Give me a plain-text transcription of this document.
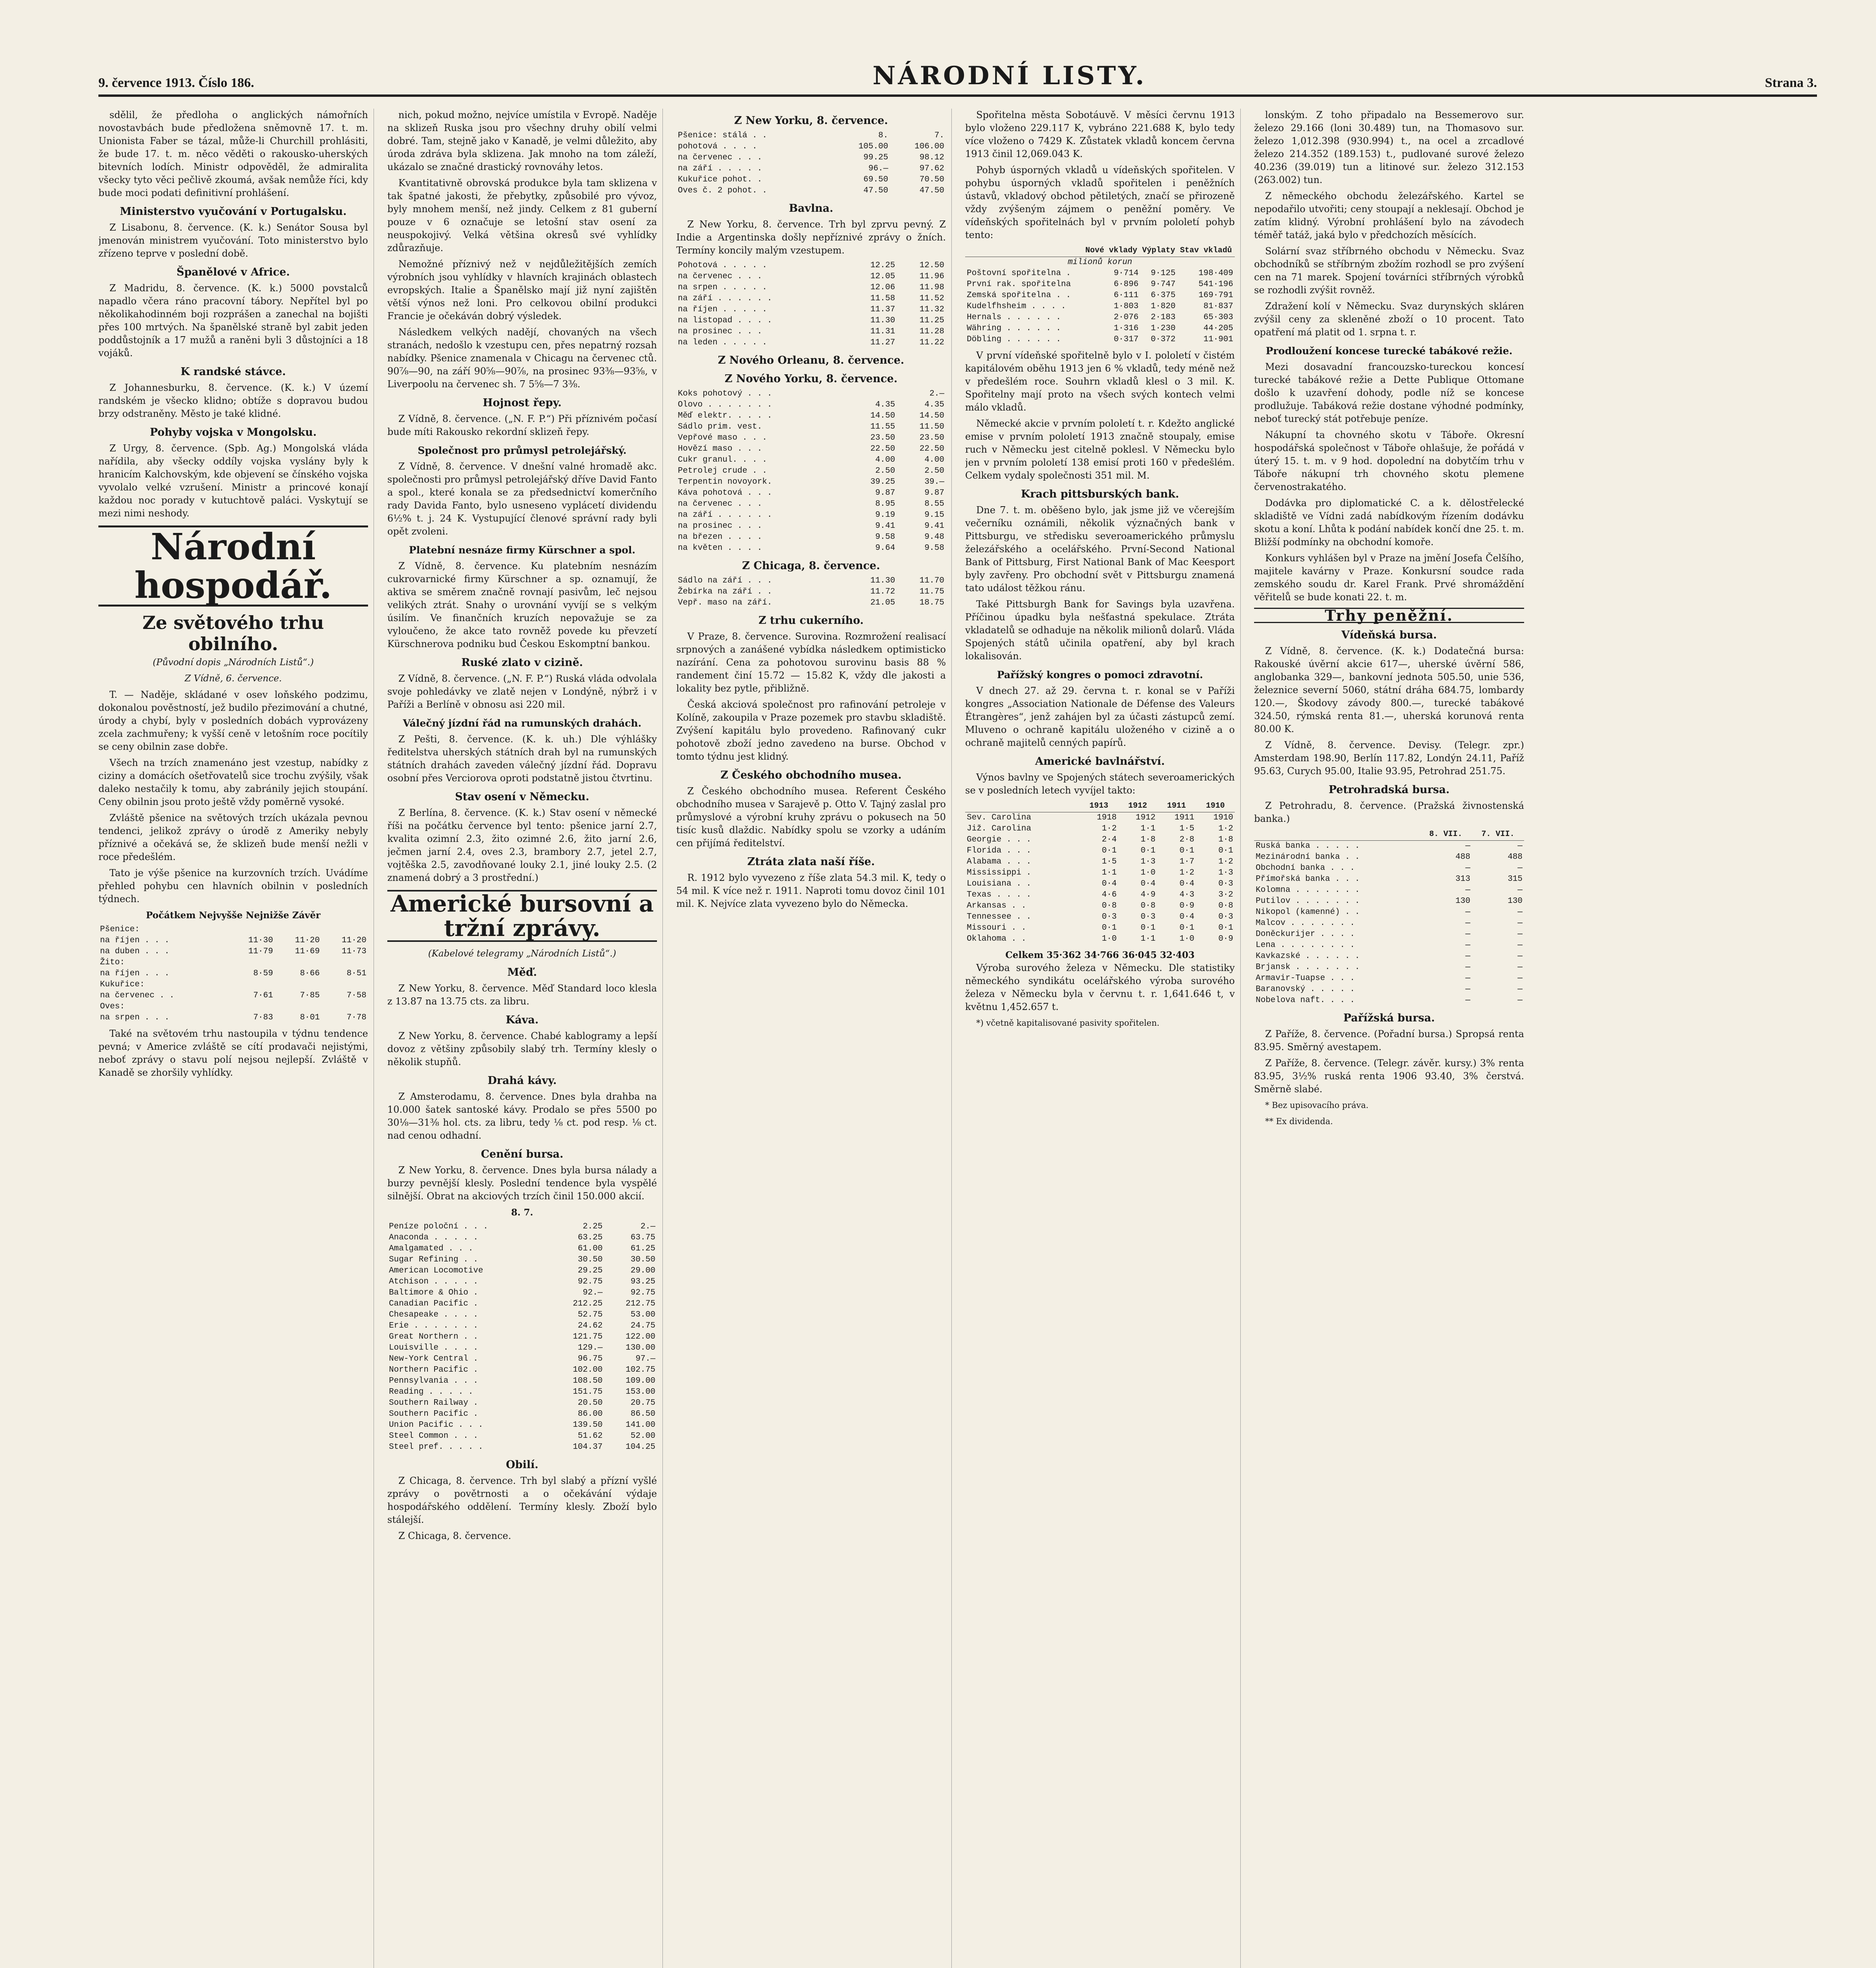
9. července 1913. Číslo 186.	NÁRODNÍ LISTY.	Strana 3.

sdělil, že předloha o anglických námořních novostavbách bude předložena sněmovně 17. t. m. Unionista Faber se tázal, může-li Churchill prohlásiti, že bude 17. t. m. něco věděti o rakousko-uherských bitevních lodích. Ministr odpověděl, že admiralita všecky tyto věci pečlivě zkoumá, avšak nemůže říci, kdy bude moci podati definitivní prohlášení.

Ministerstvo vyučování v Portugalsku.

Z Lisabonu, 8. července. (K. k.) Senátor Sousa byl jmenován ministrem vyučování. Toto ministerstvo bylo zřízeno teprve v poslední době.

Španělové v Africe.

Z Madridu, 8. července. (K. k.) 5000 povstalců napadlo včera ráno pracovní tábory. Nepřítel byl po několikahodinném boji rozprášen a zanechal na bojišti přes 100 mrtvých. Na španělské straně byl zabit jeden poddůstojník a 17 mužů a raněni byli 3 důstojníci a 18 vojáků.

K randské stávce.

Z Johannesburku, 8. července. (K. k.) V území randském je všecko klidno; obtíže s dopravou budou brzy odstraněny. Město je také klidné.

Pohyby vojska v Mongolsku.

Z Urgy, 8. července. (Spb. Ag.) Mongolská vláda nařídila, aby všecky oddíly vojska vyslány byly k hranicím Kalchovským, kde objevení se čínského vojska vyvolalo velké vzrušení. Ministr a princové konají každou noc porady v kutuchtově paláci. Vyskytují se mezi nimi neshody.

Národní hospodář.
Ze světového trhu obilního.
(Původní dopis „Národních Listů“.)
Z Vídně, 6. července.

T. — Naděje, skládané v osev loňského podzimu, dokonalou pověstností, jež budilo přezimování a chutné, úrody a chybí, byly v posledních dobách vyprovázeny zcela zachmuřeny; k vyšší ceně v letošním roce pocítily se ceny obilnin zase dobře.

Všech na trzích znamenáno jest vzestup, nabídky z ciziny a domácích ošetřovatelů sice trochu zvýšily, však daleko nestačily k tomu, aby zabránily jejich stoupání. Ceny obilnin jsou proto ještě vždy poměrně vysoké.

Zvláště pšenice na světových trzích ukázala pevnou tendenci, jelikož zprávy o úrodě z Ameriky nebyly příznivé a očekává se, že sklizeň bude menší nežli v roce předešlém.

Tato je výše pšenice na kurzovních trzích. Uvádíme přehled pohybu cen hlavních obilnin v posledních týdnech.

Počátkem Nejvyšše Nejnižše Závěr
Pšenice:			
na říjen . . .	11·30	11·20	11·20
na duben . . .	11·79	11·69	11·73
Žito:			
na říjen . . .	8·59	8·66	8·51
Kukuřice:			
na červenec . .	7·61	7·85	7·58
Oves:			
na srpen . . .	7·83	8·01	7·78

Také na světovém trhu nastoupila v týdnu tendence pevná; v Americe zvláště se cítí prodavači nejistými, neboť zprávy o stavu polí nejsou nejlepší. Zvláště v Kanadě se zhoršily vyhlídky.

nich, pokud možno, nejvíce umístila v Evropě. Naděje na sklizeň Ruska jsou pro všechny druhy obilí velmi dobré. Tam, stejně jako v Kanadě, je velmi důležito, aby úroda zdráva byla sklizena. Jak mnoho na tom záleží, ukázalo se značné drastický rovnováhy letos.

Kvantitativně obrovská produkce byla tam sklizena v tak špatné jakosti, že přebytky, způsobilé pro vývoz, byly mnohem menší, než jindy. Celkem z 81 guberní pouze v 6 označuje se letošní stav osení za neuspokojivý. Velká většina okresů své vyhlídky zdůrazňuje.

Nemožné příznivý než v nejdůležitějších zemích výrobních jsou vyhlídky v hlavních krajinách oblastech evropských. Italie a Španělsko mají již nyní zajištěn větší výnos než loni. Pro celkovou obilní produkci Francie je očekáván dobrý výsledek.

Následkem velkých nadějí, chovaných na všech stranách, nedošlo k vzestupu cen, přes nepatrný rozsah nabídky. Pšenice znamenala v Chicagu na červenec ctů. 90⅞—90, na září 90⅝—90⅞, na prosinec 93⅜—93⅝, v Liverpoolu na červenec sh. 7 5⅝—7 3⅜.

Hojnost řepy.

Z Vídně, 8. července. („N. F. P.“) Při příznivém počasí bude míti Rakousko rekordní sklizeň řepy.

Společnost pro průmysl petrolejářský.

Z Vídně, 8. července. V dnešní valné hromadě akc. společnosti pro průmysl petrolejářský dříve David Fanto a spol., které konala se za předsednictví komerčního rady Davida Fanto, bylo usneseno vyplácetí dividendu 6½% t. j. 24 K. Vystupující členové správní rady byli opět zvoleni.

Platební nesnáze firmy Kürschner a spol.

Z Vídně, 8. července. Ku platebním nesnázím cukrovarnické firmy Kürschner a sp. oznamují, že aktiva se směrem značně rovnají pasivům, leč nejsou velikých ztrát. Snahy o urovnání vyvíjí se s velkým úsilím. Ve finančních kruzích nepovažuje se za vyloučeno, že akce tato rovněž povede ku převzetí Kürschnerova podniku bud Českou Eskomptní bankou.

Ruské zlato v cizině.

Z Vídně, 8. července. („N. F. P.“) Ruská vláda odvolala svoje pohledávky ve zlatě nejen v Londýně, nýbrž i v Paříži a Berlíně v obnosu asi 220 mil.

Válečný jízdní řád na rumunských drahách.

Z Pešti, 8. července. (K. k. uh.) Dle výhlášky ředitelstva uherských státních drah byl na rumunských státních drahách zaveden válečný jízdní řád. Dopravu osobní přes Verciorova oproti podstatně jistou čtvrtinu.

Stav osení v Německu.

Z Berlína, 8. července. (K. k.) Stav osení v německé říši na počátku července byl tento: pšenice jarní 2.7, kvalita ozimní 2.3, žito ozimné 2.6, žito jarní 2.6, ječmen jarní 2.4, oves 2.3, brambory 2.7, jetel 2.7, vojtěška 2.5, zavodňované louky 2.1, jiné louky 2.5. (2 znamená dobrý a 3 prostřední.)

Americké bursovní a tržní zprávy.
(Kabelové telegramy „Národních Listů“.)
Měď.

Z New Yorku, 8. července. Měď Standard loco klesla z 13.87 na 13.75 cts. za libru.

Káva.

Z New Yorku, 8. července. Chabé kablogramy a lepší dovoz z většiny způsobily slabý trh. Termíny klesly o několik stupňů.

Drahá kávy.

Z Amsterodamu, 8. července. Dnes byla drahba na 10.000 šatek santoské kávy. Prodalo se přes 5500 po 30⅛—31⅜ hol. cts. za libru, tedy ⅛ ct. pod resp. ⅛ ct. nad cenou odhadní.

Cenění bursa.

Z New Yorku, 8. července. Dnes byla bursa nálady a burzy pevnější klesly. Poslední tendence byla vyspělé silnější. Obrat na akciových trzích činil 150.000 akcií.

8. 7.
Peníze poloční . . .	2.25	2.—
Anaconda . . . . .	63.25	63.75
Amalgamated . . .	61.00	61.25
Sugar Refining . .	30.50	30.50
American Locomotive	29.25	29.00
Atchison . . . . .	92.75	93.25
Baltimore & Ohio .	92.—	92.75
Canadian Pacific .	212.25	212.75
Chesapeake . . . .	52.75	53.00
Erie . . . . . . .	24.62	24.75
Great Northern . .	121.75	122.00
Louisville . . . .	129.—	130.00
New-York Central .	96.75	97.—
Northern Pacific .	102.00	102.75
Pennsylvania . . .	108.50	109.00
Reading . . . . .	151.75	153.00
Southern Railway .	20.50	20.75
Southern Pacific .	86.00	86.50
Union Pacific . . .	139.50	141.00
Steel Common . . .	51.62	52.00
Steel pref. . . . .	104.37	104.25
Obilí.

Z Chicaga, 8. července. Trh byl slabý a přízní vyšlé zprávy o povětrnosti a o očekávání výdaje hospodářského oddělení. Termíny klesly. Zboží bylo stálejší.

Z Chicaga, 8. července.

Z New Yorku, 8. července.
Pšenice: stálá . .	8.	7.
pohotová . . . .	105.00	106.00
na červenec . . .	99.25	98.12
na září . . . . .	96.—	97.62
Kukuřice pohot. .	69.50	70.50
Oves č. 2 pohot. .	47.50	47.50
Bavlna.

Z New Yorku, 8. července. Trh byl zprvu pevný. Z Indie a Argentinska došly nepříznivé zprávy o žních. Termíny koncily malým vzestupem.

Pohotová . . . . .	12.25	12.50
na červenec . . .	12.05	11.96
na srpen . . . . .	12.06	11.98
na září . . . . . .	11.58	11.52
na říjen . . . . .	11.37	11.32
na listopad . . . .	11.30	11.25
na prosinec . . .	11.31	11.28
na leden . . . . .	11.27	11.22
Z Nového Orleanu, 8. července.
Z Nového Yorku, 8. července.
Koks pohotový . . .		2.—
Olovo . . . . . . .	4.35	4.35
Měď elektr. . . . .	14.50	14.50
Sádlo prim. vest.	11.55	11.50
Vepřové maso . . .	23.50	23.50
Hovězí maso . . .	22.50	22.50
Cukr granul. . . .	4.00	4.00
Petrolej crude . .	2.50	2.50
Terpentin novoyork.	39.25	39.—
Káva pohotová . . .	9.87	9.87
na červenec . . .	8.95	8.55
na září . . . . . .	9.19	9.15
na prosinec . . .	9.41	9.41
na březen . . . .	9.58	9.48
na květen . . . .	9.64	9.58
Z Chicaga, 8. července.
Sádlo na září . . .	11.30	11.70
Žebírka na září . .	11.72	11.75
Vepř. maso na září.	21.05	18.75
Z trhu cukerního.

V Praze, 8. července. Surovina. Rozmrožení realisací srpnových a zanášené vybídka následkem optimisticko nazírání. Cena za pohotovou surovinu basis 88 % randement činí 15.72 — 15.82 K, vždy dle jakosti a lokality bez pytle, přibližně.

Česká akciová společnost pro rafinování petroleje v Kolíně, zakoupila v Praze pozemek pro stavbu skladiště. Zvýšení kapitálu bylo provedeno. Rafinovaný cukr pohotově zboží jedno zavedeno na burse. Obchod v tomto týdnu jest klidný.

Z Českého obchodního musea.

Z Českého obchodního musea. Referent Českého obchodního musea v Sarajevě p. Otto V. Tajný zaslal pro průmyslové a výrobní kruhy zprávu o pokusech na 50 tisíc kusů dlaždic. Nabídky spolu se vzorky a udáním cen přijímá ředitelství.

Ztráta zlata naší říše.

R. 1912 bylo vyvezeno z říše zlata 54.3 mil. K, tedy o 54 mil. K více než r. 1911. Naproti tomu dovoz činil 101 mil. K. Nejvíce zlata vyvezeno bylo do Německa.

Spořitelna města Sobotáuvě. V měsíci červnu 1913 bylo vloženo 229.117 K, vybráno 221.688 K, bylo tedy více vloženo o 7429 K. Zůstatek vkladů koncem června 1913 činil 12,069.043 K.

Pohyb úsporných vkladů u vídeňských spořitelen. V pohybu úsporných vkladů spořitelen i peněžních ústavů, vkladový obchod pětiletých, značí se přirozeně vždy zvýšeným zájmem o peněžní poměry. Ve vídeňských spořitelnách byl v prvním pololetí pohyb tento:

	Nové vklady	Výplaty	Stav vkladů
milionů korun			
Poštovní spořitelna .	9·714	9·125	198·409
První rak. spořitelna	6·896	9·747	541·196
Zemská spořitelna . .	6·111	6·375	169·791
Kudelfhsheim . . . .	1·803	1·820	81·837
Hernals . . . . . .	2·076	2·183	65·303
Währing . . . . . .	1·316	1·230	44·205
Döbling . . . . . .	0·317	0·372	11·901

V první vídeňské spořitelně bylo v I. pololetí v čistém kapitálovém oběhu 1913 jen 6 % vkladů, tedy méně než v předešlém roce. Souhrn vkladů klesl o 3 mil. K. Spořitelny mají proto na všech svých kontech velmi málo vkladů.

Německé akcie v prvním pololetí t. r. Kdežto anglické emise v prvním pololetí 1913 značně stoupaly, emise ruch v Německu jest citelně poklesl. V Německu bylo jen v prvním pololetí 138 emisí proti 160 v předešlém. Celkem vydaly společnosti 351 mil. M.

Krach pittsburských bank.

Dne 7. t. m. oběšeno bylo, jak jsme již ve včerejším večerníku oznámili, několik význačných bank v Pittsburgu, ve středisku severoamerického průmyslu železářského a ocelářského. První-Second National Bank of Pittsburg, First National Bank of Mac Keesport byly zavřeny. Pro obchodní svět v Pittsburgu znamená tato událost těžkou ránu.

Také Pittsburgh Bank for Savings byla uzavřena. Příčinou úpadku byla nešťastná spekulace. Ztráta vkladatelů se odhaduje na několik milionů dolarů. Vláda Spojených států učinila opatření, aby byl krach lokalisován.

Pařížský kongres o pomoci zdravotní.

V dnech 27. až 29. června t. r. konal se v Paříži kongres „Association Nationale de Défense des Valeurs Étrangères“, jenž zahájen byl za účasti zástupců zemí. Mluveno o ochraně kapitálu uloženého v cizině a o ochraně majitelů cenných papírů.

Americké bavlnářství.

Výnos bavlny ve Spojených státech severoamerických se v posledních letech vyvíjel takto:

	1913	1912	1911	1910
Sev. Carolina	1918	1912	1911	1910
Již. Carolina	1·2	1·1	1·5	1·2
Georgie . . .	2·4	1·8	2·8	1·8
Florida . . .	0·1	0·1	0·1	0·1
Alabama . . .	1·5	1·3	1·7	1·2
Mississippi .	1·1	1·0	1·2	1·3
Louisiana . .	0·4	0·4	0·4	0·3
Texas . . . .	4·6	4·9	4·3	3·2
Arkansas . .	0·8	0·8	0·9	0·8
Tennessee . .	0·3	0·3	0·4	0·3
Missouri . .	0·1	0·1	0·1	0·1
Oklahoma . .	1·0	1·1	1·0	0·9
Celkem 35·362 34·766 36·045 32·403

Výroba surového železa v Německu. Dle statistiky německého syndikátu ocelářského výroba surového železa v Německu byla v červnu t. r. 1,641.646 t, v květnu 1,452.657 t.

*) včetně kapitalisované pasivity spořitelen.

lonským. Z toho připadalo na Bessemerovo sur. železo 29.166 (loni 30.489) tun, na Thomasovo sur. železo 1,012.398 (930.994) t., na ocel a zrcadlové železo 214.352 (189.153) t., pudlované surové železo 40.236 (39.019) tun a litinové sur. železo 312.153 (263.002) tun.

Z německého obchodu železářského. Kartel se nepodařilo utvořiti; ceny stoupají a neklesají. Obchod je zatím klidný. Výrobní prohlášení bylo na závodech téměř tatáž, jaká bylo v předchozích měsících.

Solární svaz stříbrného obchodu v Německu. Svaz obchodníků se stříbrným zbožím rozhodl se pro zvýšení cen na 71 marek. Spojení továrníci stříbrných výrobků se rozhodli zvýšit rovněž.

Zdražení kolí v Německu. Svaz durynských skláren zvýšil ceny za skleněné zboží o 10 procent. Tato opatření má platit od 1. srpna t. r.

Prodloužení koncese turecké tabákové režie.

Mezi dosavadní francouzsko-tureckou koncesí turecké tabákové režie a Dette Publique Ottomane došlo k uzavření dohody, podle níž se koncese prodlužuje. Tabáková režie dostane výhodné podmínky, neboť turecký stát potřebuje peníze.

Nákupní ta chovného skotu v Táboře. Okresní hospodářská společnost v Táboře ohlašuje, že pořádá v úterý 15. t. m. v 9 hod. dopolední na dobytčím trhu v Táboře nákupní trh chovného skotu plemene červenostrakatého.

Dodávka pro diplomatické C. a k. dělostřelecké skladiště ve Vídni zadá nabídkovým řízením dodávku skotu a koní. Lhůta k podání nabídek končí dne 25. t. m. Bližší podmínky na obchodní komoře.

Konkurs vyhlášen byl v Praze na jmění Josefa Čelšího, majitele kavárny v Praze. Konkursní soudce rada zemského soudu dr. Karel Frank. Prvé shromáždění věřitelů se bude konati 22. t. m.

Trhy peněžní.
Vídeňská bursa.

Z Vídně, 8. července. (K. k.) Dodatečná bursa: Rakouské úvěrní akcie 617—, uherské úvěrní 586, anglobanka 329—, bankovní jednota 505.50, unie 536, železnice severní 5060, státní dráha 684.75, lombardy 120.—, Škodovy závody 800.—, turecké tabákové 324.50, rýmská renta 81.—, uherská korunová renta 80.00 K.

Z Vídně, 8. července. Devisy. (Telegr. zpr.) Amsterdam 198.90, Berlín 117.82, Londýn 24.11, Paříž 95.63, Curych 95.00, Italie 93.95, Petrohrad 251.75.

Petrohradská bursa.

Z Petrohradu, 8. července. (Pražská živnostenská banka.)

	8. VII.	7. VII.
Ruská banka . . . . .	—	—
Mezinárodní banka . .	488	488
Obchodní banka . . .	—	—
Přímořská banka . . .	313	315
Kolomna . . . . . . .	—	—
Putilov . . . . . . .	130	130
Nikopol (kamenné) . .	—	—
Malcov . . . . . . .	—	—
Doněckurijer . . . .	—	—
Lena . . . . . . . .	—	—
Kavkazské . . . . . .	—	—
Brjansk . . . . . . .	—	—
Armavir-Tuapse . . .	—	—
Baranovský . . . . .	—	—
Nobelova naft. . . .	—	—
Pařížská bursa.

Z Paříže, 8. července. (Pořadní bursa.) Spropsá renta 83.95. Směrný avestapem.

Z Paříže, 8. července. (Telegr. závěr. kursy.) 3% renta 83.95, 3½% ruská renta 1906 93.40, 3% čerstvá. Směrně slabé.

* Bez upisovacího práva.

** Ex dividenda.
